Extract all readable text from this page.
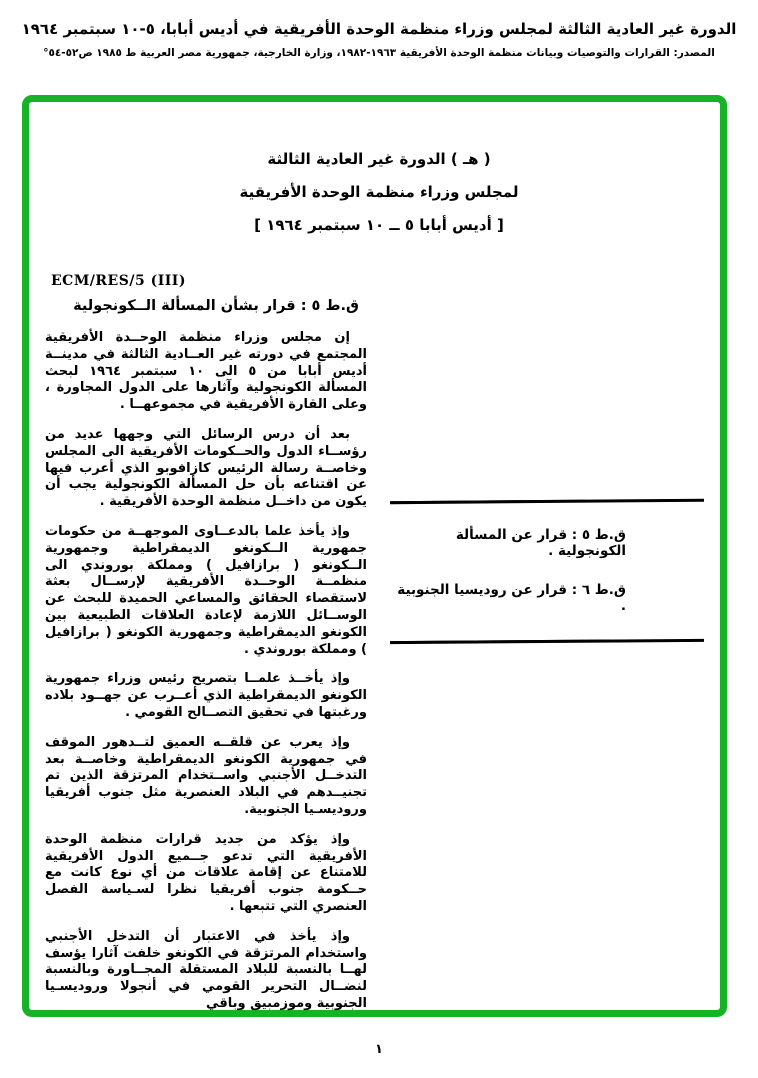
الدورة غير العادية الثالثة لمجلس وزراء منظمة الوحدة الأفريقية في أديس أبابا، ٥-١٠ سبتمبر ١٩٦٤
المصدر: القرارات والتوصيات وبيانات منظمة الوحدة الأفريقية ١٩٦٣-١٩٨٢، وزارة الخارجية، جمهورية مصر العربية ط ١٩٨٥ ص٥٢-٥٤°
( هـ ) الدورة غير العادية الثالثة
لمجلس وزراء منظمة الوحدة الأفريقية
[ أديس أبابا ٥ ــ ١٠ سبتمبر ١٩٦٤ ]
ECM/RES/5 (III)
ق.ط ٥ : قرار بشأن المسألة الــكونجولية

إن مجلس وزراء منظمة الوحــدة الأفريقية المجتمع في دورته غير العــادية الثالثة في مدينــة أديس أبابا من ٥ الى ١٠ سبتمبر ١٩٦٤ لبحث المسألة الكونجولية وآثارها على الدول المجاورة ، وعلى القارة الأفريقية في مجموعهــا .

بعد أن درس الرسائل التي وجهها عديد من رؤســاء الدول والحــكومات الأفريقية الى المجلس وخاصــة رسالة الرئيس كازافوبو الذي أعرب فيها عن اقتناعه بأن حل المسألة الكونجولية يجب أن يكون من داخــل منظمة الوحدة الأفريقية .

وإذ يأخذ علما بالدعــاوى الموجهــة من حكومات جمهورية الــكونغو الديمقراطية وجمهورية الــكونغو ( برازافيل ) ومملكة بوروندي الى منظمــة الوحــدة الأفريقية لإرســال بعثة لاستقصاء الحقائق والمساعي الحميدة للبحث عن الوســائل اللازمة لإعادة العلاقات الطبيعية بين الكونغو الديمقراطية وجمهورية الكونغو ( برازافيل ) ومملكة بوروندي .

وإذ يأخــذ علمــا بتصريح رئيس وزراء جمهورية الكونغو الديمقراطية الذي أعــرب عن جهــود بلاده ورغبتها في تحقيق التصــالح القومي .

وإذ يعرب عن قلقــه العميق لتــدهور الموقف في جمهورية الكونغو الديمقراطية وخاصــة بعد التدخــل الأجنبي واســتخدام المرتزقة الذين تم تجنيــدهم في البلاد العنصرية مثل جنوب أفريقيا وروديسـيا الجنوبية.

وإذ يؤكد من جديد قرارات منظمة الوحدة الأفريقية التي تدعو جــميع الدول الأفريقية للامتناع عن إقامة علاقات من أي نوع كانت مع حــكومة جنوب أفريقيا نظرا لسـياسة الفصل العنصري التي تتبعها .

وإذ يأخذ في الاعتبار أن التدخل الأجنبي واستخدام المرتزقة في الكونغو خلفت آثارا يؤسف لهــا بالنسبة للبلاد المستقلة المجــاورة وبالنسبة لنضــال التحرير القومي في أنجولا وروديسـيا الجنوبية وموزمبيق وباقي

ق.ط ٥ : قرار عن المسألة الكونجولية .
ق.ط ٦ : قرار عن روديسيا الجنوبية .
١
